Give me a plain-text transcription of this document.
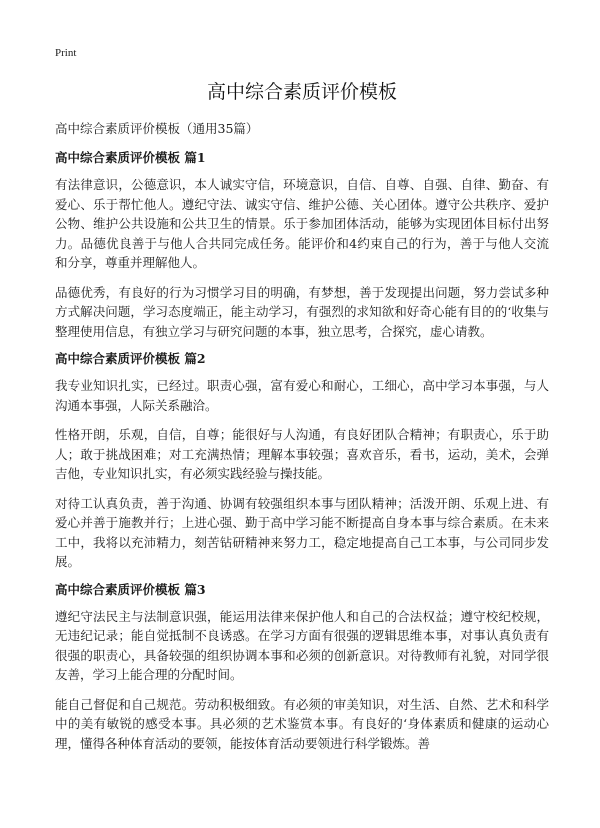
Print
高中综合素质评价模板
高中综合素质评价模板（通用35篇）
高中综合素质评价模板 篇1

有法律意识，公德意识，本人诚实守信，环境意识，自信、自尊、自强、自律、勤奋、有爱心、乐于帮忙他人。遵纪守法、诚实守信、维护公德、关心团体。遵守公共秩序、爱护公物、维护公共设施和公共卫生的情景。乐于参加团体活动，能够为实现团体目标付出努力。品德优良善于与他人合共同完成任务。能评价和4约束自己的行为，善于与他人交流和分享，尊重并理解他人。

品德优秀，有良好的行为习惯学习目的明确，有梦想，善于发现提出问题，努力尝试多种方式解决问题，学习态度端正，能主动学习，有强烈的求知欲和好奇心能有目的的‘收集与整理使用信息，有独立学习与研究问题的本事，独立思考，合探究，虚心请教。

高中综合素质评价模板 篇2

我专业知识扎实，已经过。职责心强，富有爱心和耐心，工细心，高中学习本事强，与人沟通本事强，人际关系融洽。

性格开朗，乐观，自信，自尊；能很好与人沟通，有良好团队合精神；有职责心，乐于助人；敢于挑战困难；对工充满热情；理解本事较强；喜欢音乐，看书，运动，美术，会弹吉他，专业知识扎实，有必须实践经验与操技能。

对待工认真负责，善于沟通、协调有较强组织本事与团队精神；活泼开朗、乐观上进、有爱心并善于施教并行；上进心强、勤于高中学习能不断提高自身本事与综合素质。在未来工中，我将以充沛精力，刻苦钻研精神来努力工，稳定地提高自己工本事，与公司同步发展。

高中综合素质评价模板 篇3

遵纪守法民主与法制意识强，能运用法律来保护他人和自己的合法权益；遵守校纪校规，无违纪记录；能自觉抵制不良诱惑。在学习方面有很强的逻辑思维本事，对事认真负责有很强的职责心，具备较强的组织协调本事和必须的创新意识。对待教师有礼貌，对同学很友善，学习上能合理的分配时间。

能自己督促和自己规范。劳动积极细致。有必须的审美知识，对生活、自然、艺术和科学中的美有敏锐的感受本事。具必须的艺术鉴赏本事。有良好的‘身体素质和健康的运动心理，懂得各种体育活动的要领，能按体育活动要领进行科学锻炼。善
